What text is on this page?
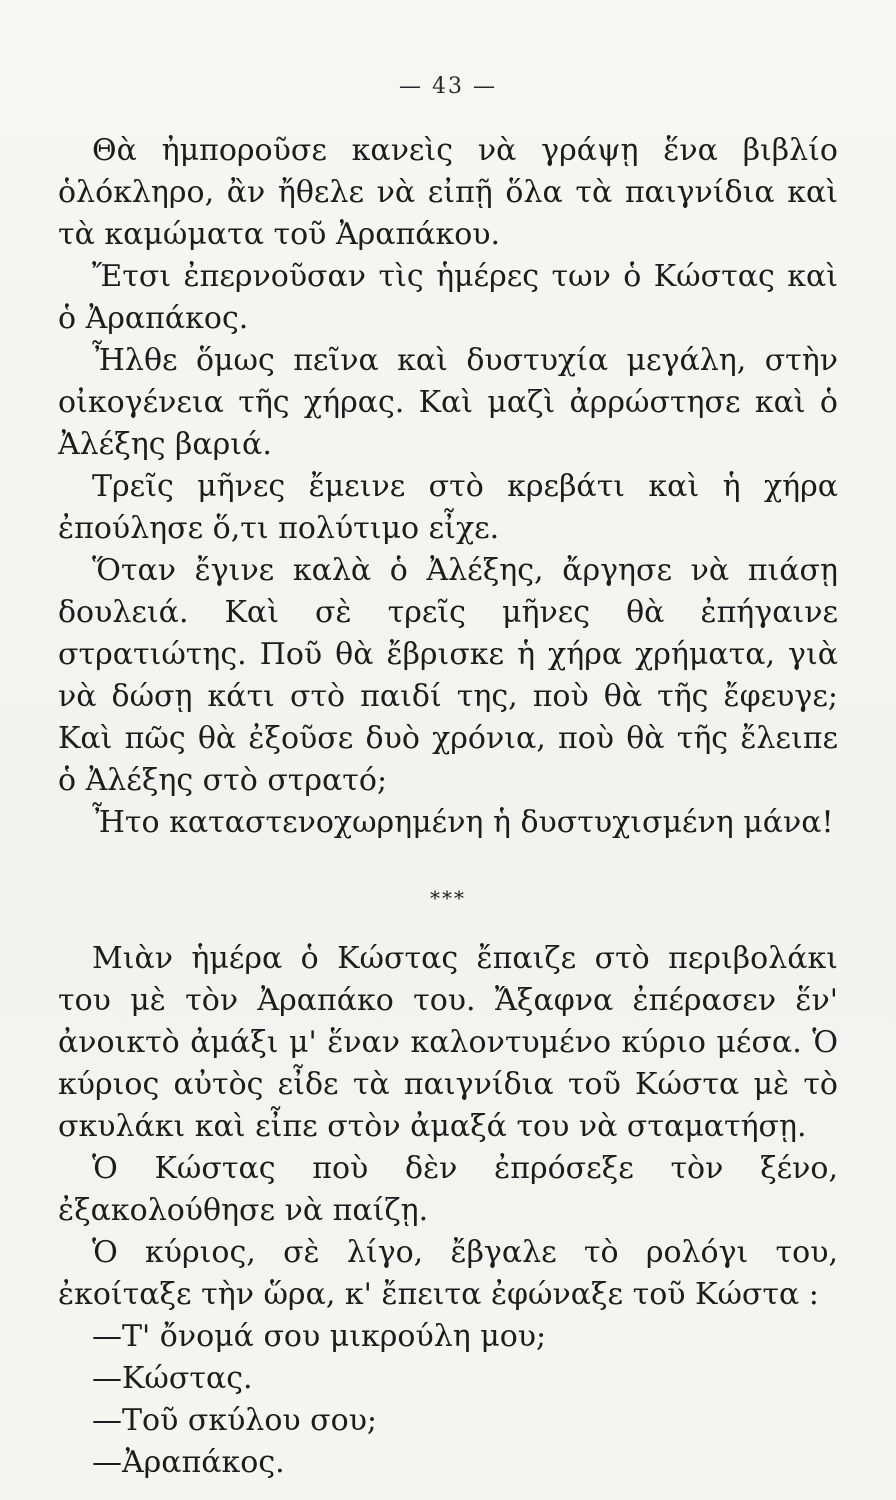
— 43 —

Θὰ ἠμποροῦσε κανεὶς νὰ γράψῃ ἕνα βιβλίο ὁλόκληρο, ἂν ἤθελε νὰ εἰπῇ ὅλα τὰ παιγνίδια καὶ τὰ καμώματα τοῦ Ἀραπάκου.

Ἔτσι ἐπερνοῦσαν τὶς ἡμέρες των ὁ Κώστας καὶ ὁ Ἀραπάκος.

Ἦλθε ὅμως πεῖνα καὶ δυστυχία μεγάλη, στὴν οἰκογένεια τῆς χήρας. Καὶ μαζὶ ἀρρώστησε καὶ ὁ Ἀλέξης βαριά.

Τρεῖς μῆνες ἔμεινε στὸ κρεβάτι καὶ ἡ χήρα ἐπούλησε ὅ,τι πολύτιμο εἶχε.

Ὅταν ἔγινε καλὰ ὁ Ἀλέξης, ἄργησε νὰ πιάσῃ δουλειά. Καὶ σὲ τρεῖς μῆνες θὰ ἐπήγαινε στρατιώτης. Ποῦ θὰ ἔβρισκε ἡ χήρα χρήματα, γιὰ νὰ δώσῃ κάτι στὸ παιδί της, ποὺ θὰ τῆς ἔφευγε; Καὶ πῶς θὰ ἐξοῦσε δυὸ χρόνια, ποὺ θὰ τῆς ἔλειπε ὁ Ἀλέξης στὸ στρατό;

Ἦτο καταστενοχωρημένη ἡ δυστυχισμένη μάνα!

***

Μιὰν ἡμέρα ὁ Κώστας ἔπαιζε στὸ περιβολάκι του μὲ τὸν Ἀραπάκο του. Ἄξαφνα ἐπέρασεν ἕν' ἀνοικτὸ ἀμάξι μ' ἕναν καλοντυμένο κύριο μέσα. Ὁ κύριος αὐτὸς εἶδε τὰ παιγνίδια τοῦ Κώστα μὲ τὸ σκυλάκι καὶ εἶπε στὸν ἀμαξά του νὰ σταματήσῃ.

Ὁ Κώστας ποὺ δὲν ἐπρόσεξε τὸν ξένο, ἐξακολούθησε νὰ παίζῃ.

Ὁ κύριος, σὲ λίγο, ἔβγαλε τὸ ρολόγι του, ἐκοίταξε τὴν ὥρα, κ' ἔπειτα ἐφώναξε τοῦ Κώστα :

—Τ' ὄνομά σου μικρούλη μου;

—Κώστας.

—Τοῦ σκύλου σου;

—Ἀραπάκος.
